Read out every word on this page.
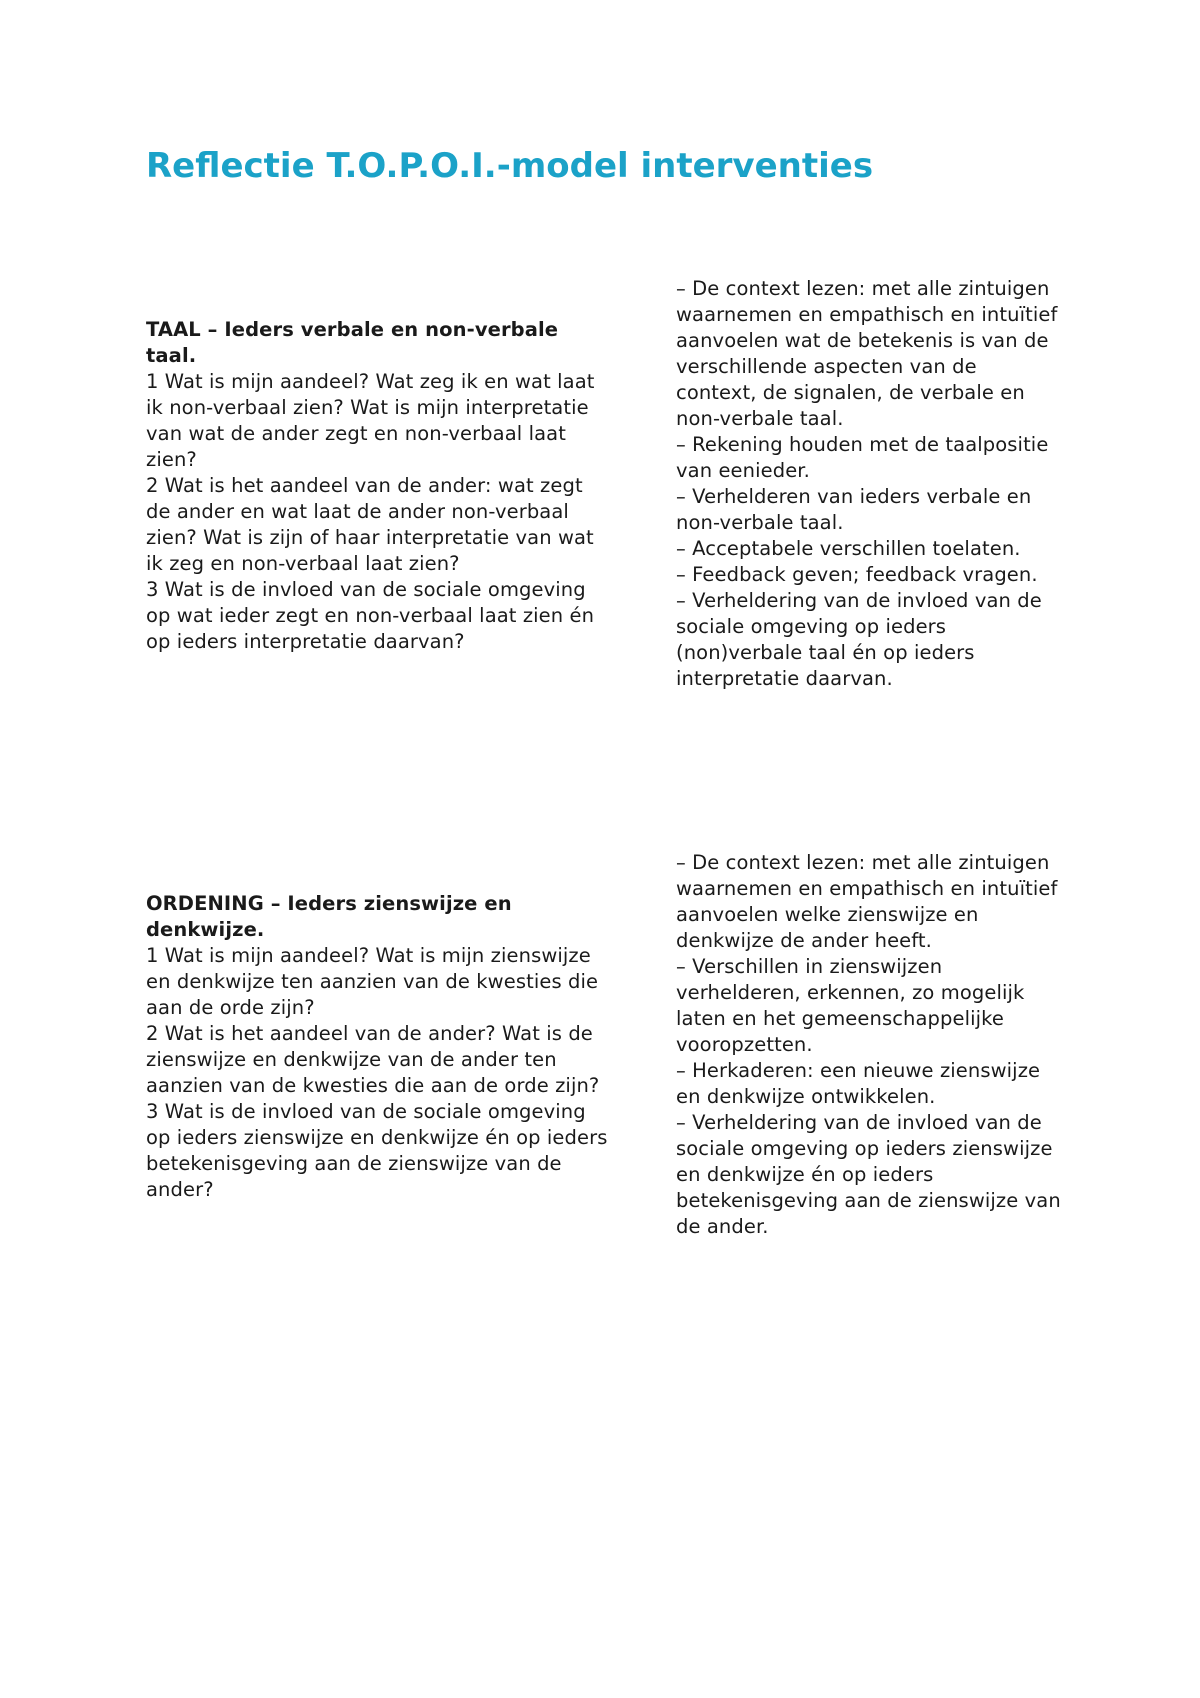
Reflectie T.O.P.O.I.-model interventies
TAAL – Ieders verbale en non-verbale
taal.
1 Wat is mijn aandeel? Wat zeg ik en wat laat
ik non-verbaal zien? Wat is mijn interpretatie
van wat de ander zegt en non-verbaal laat
zien?
2 Wat is het aandeel van de ander: wat zegt
de ander en wat laat de ander non-verbaal
zien? Wat is zijn of haar interpretatie van wat
ik zeg en non-verbaal laat zien?
3 Wat is de invloed van de sociale omgeving
op wat ieder zegt en non-verbaal laat zien én
op ieders interpretatie daarvan?
– De context lezen: met alle zintuigen
waarnemen en empathisch en intuïtief
aanvoelen wat de betekenis is van de
verschillende aspecten van de
context, de signalen, de verbale en
non-verbale taal.
– Rekening houden met de taalpositie
van eenieder.
– Verhelderen van ieders verbale en
non-verbale taal.
– Acceptabele verschillen toelaten.
– Feedback geven; feedback vragen.
– Verheldering van de invloed van de
sociale omgeving op ieders
(non)verbale taal én op ieders
interpretatie daarvan.
ORDENING – Ieders zienswijze en
denkwijze.
1 Wat is mijn aandeel? Wat is mijn zienswijze
en denkwijze ten aanzien van de kwesties die
aan de orde zijn?
2 Wat is het aandeel van de ander? Wat is de
zienswijze en denkwijze van de ander ten
aanzien van de kwesties die aan de orde zijn?
3 Wat is de invloed van de sociale omgeving
op ieders zienswijze en denkwijze én op ieders
betekenisgeving aan de zienswijze van de
ander?
– De context lezen: met alle zintuigen
waarnemen en empathisch en intuïtief
aanvoelen welke zienswijze en
denkwijze de ander heeft.
– Verschillen in zienswijzen
verhelderen, erkennen, zo mogelijk
laten en het gemeenschappelijke
vooropzetten.
– Herkaderen: een nieuwe zienswijze
en denkwijze ontwikkelen.
– Verheldering van de invloed van de
sociale omgeving op ieders zienswijze
en denkwijze én op ieders
betekenisgeving aan de zienswijze van
de ander.
